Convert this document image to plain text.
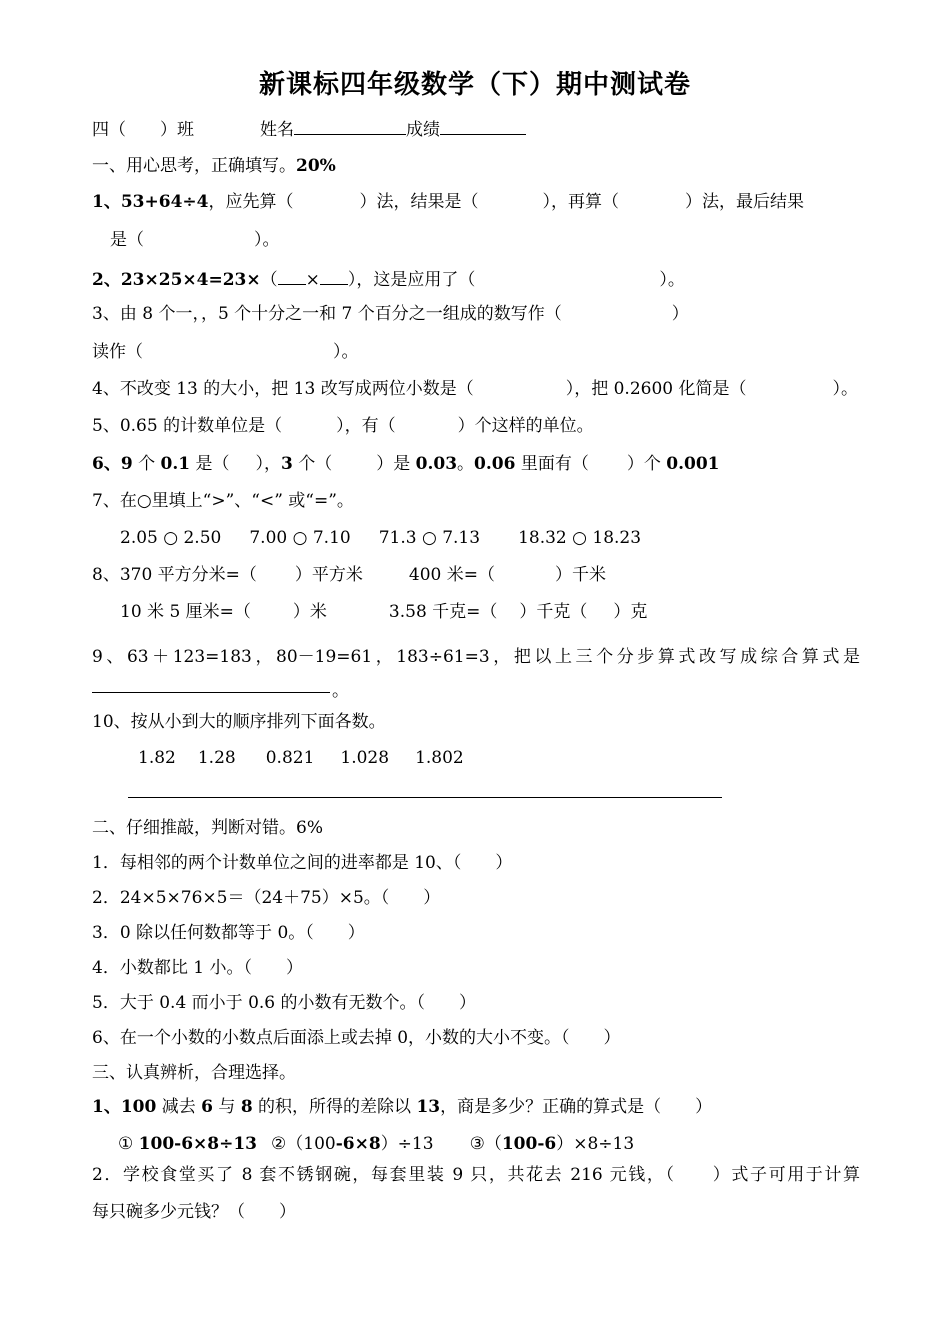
新课标四年级数学（下）期中测试卷
四（ ）班	姓名	成绩
一、用心思考，正确填写。20%
1、53+64÷4，应先算（	）法，结果是（	），再算（	）法，最后结果
是（	）。
2、23×25×4=23×（ × ），这是应用了（	）。
3、由 8 个一，，5 个十分之一和 7 个百分之一组成的数写作（	）
读作（	）。
4、不改变 13 的大小，把 13 改写成两位小数是（	），把 0.2600 化简是（	）。
5、0.65 的计数单位是（	），有（	）个这样的单位。
6、9 个 0.1 是（ ），3 个（	）是 0.03。0.06 里面有（ ）个 0.001
7、在○里填上“>”、“<” 或“=”。
2.05 ○ 2.50 7.00 ○ 7.10 71.3 ○ 7.13 18.32 ○ 18.23
8、370 平方分米=（ ）平方米	400 米=（	）千米
10 米 5 厘米=（ ）米	3.58 千克=（ ）千克（ ）克
9、63＋123=183，80－19=61，183÷61=3，把以上三个分步算式改写成综合算式是
。
10、按从小到大的顺序排列下面各数。
1.82 1.28 0.821 1.028 1.802
二、仔细推敲，判断对错。6%
1．每相邻的两个计数单位之间的进率都是 10、（　　）
2．24×5×76×5＝（24＋75）×5。（　　）
3．0 除以任何数都等于 0。（　　）
4．小数都比 1 小。（　　）
5．大于 0.4 而小于 0.6 的小数有无数个。（　　）
6、在一个小数的小数点后面添上或去掉 0，小数的大小不变。（　　）
三、认真辨析，合理选择。
1、100 减去 6 与 8 的积，所得的差除以 13，商是多少？正确的算式是（　　）
① 100-6×8÷13 ②（100-6×8）÷13 ③（100-6）×8÷13
2．学校食堂买了 8 套不锈钢碗，每套里装 9 只，共花去 216 元钱，（　　）式子可用于计算
每只碗多少元钱？（　　）
